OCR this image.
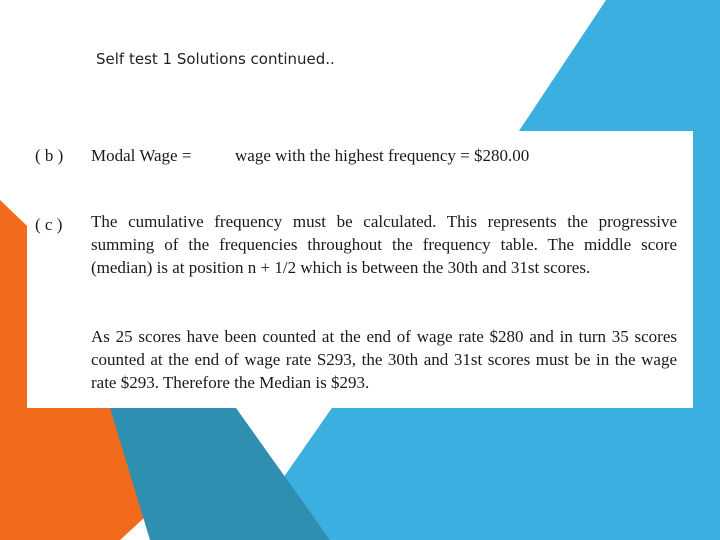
Self test 1 Solutions continued..
( b ) Modal Wage =	wage with the highest frequency = $280.00
( c ) The cumulative frequency must be calculated. This represents the progressive summing of the frequencies throughout the frequency table. The middle score (median) is at position n + 1/2 which is between the 30th and 31st scores.

As 25 scores have been counted at the end of wage rate $280 and in turn 35 scores counted at the end of wage rate S293, the 30th and 31st scores must be in the wage rate $293. Therefore the Median is $293.
